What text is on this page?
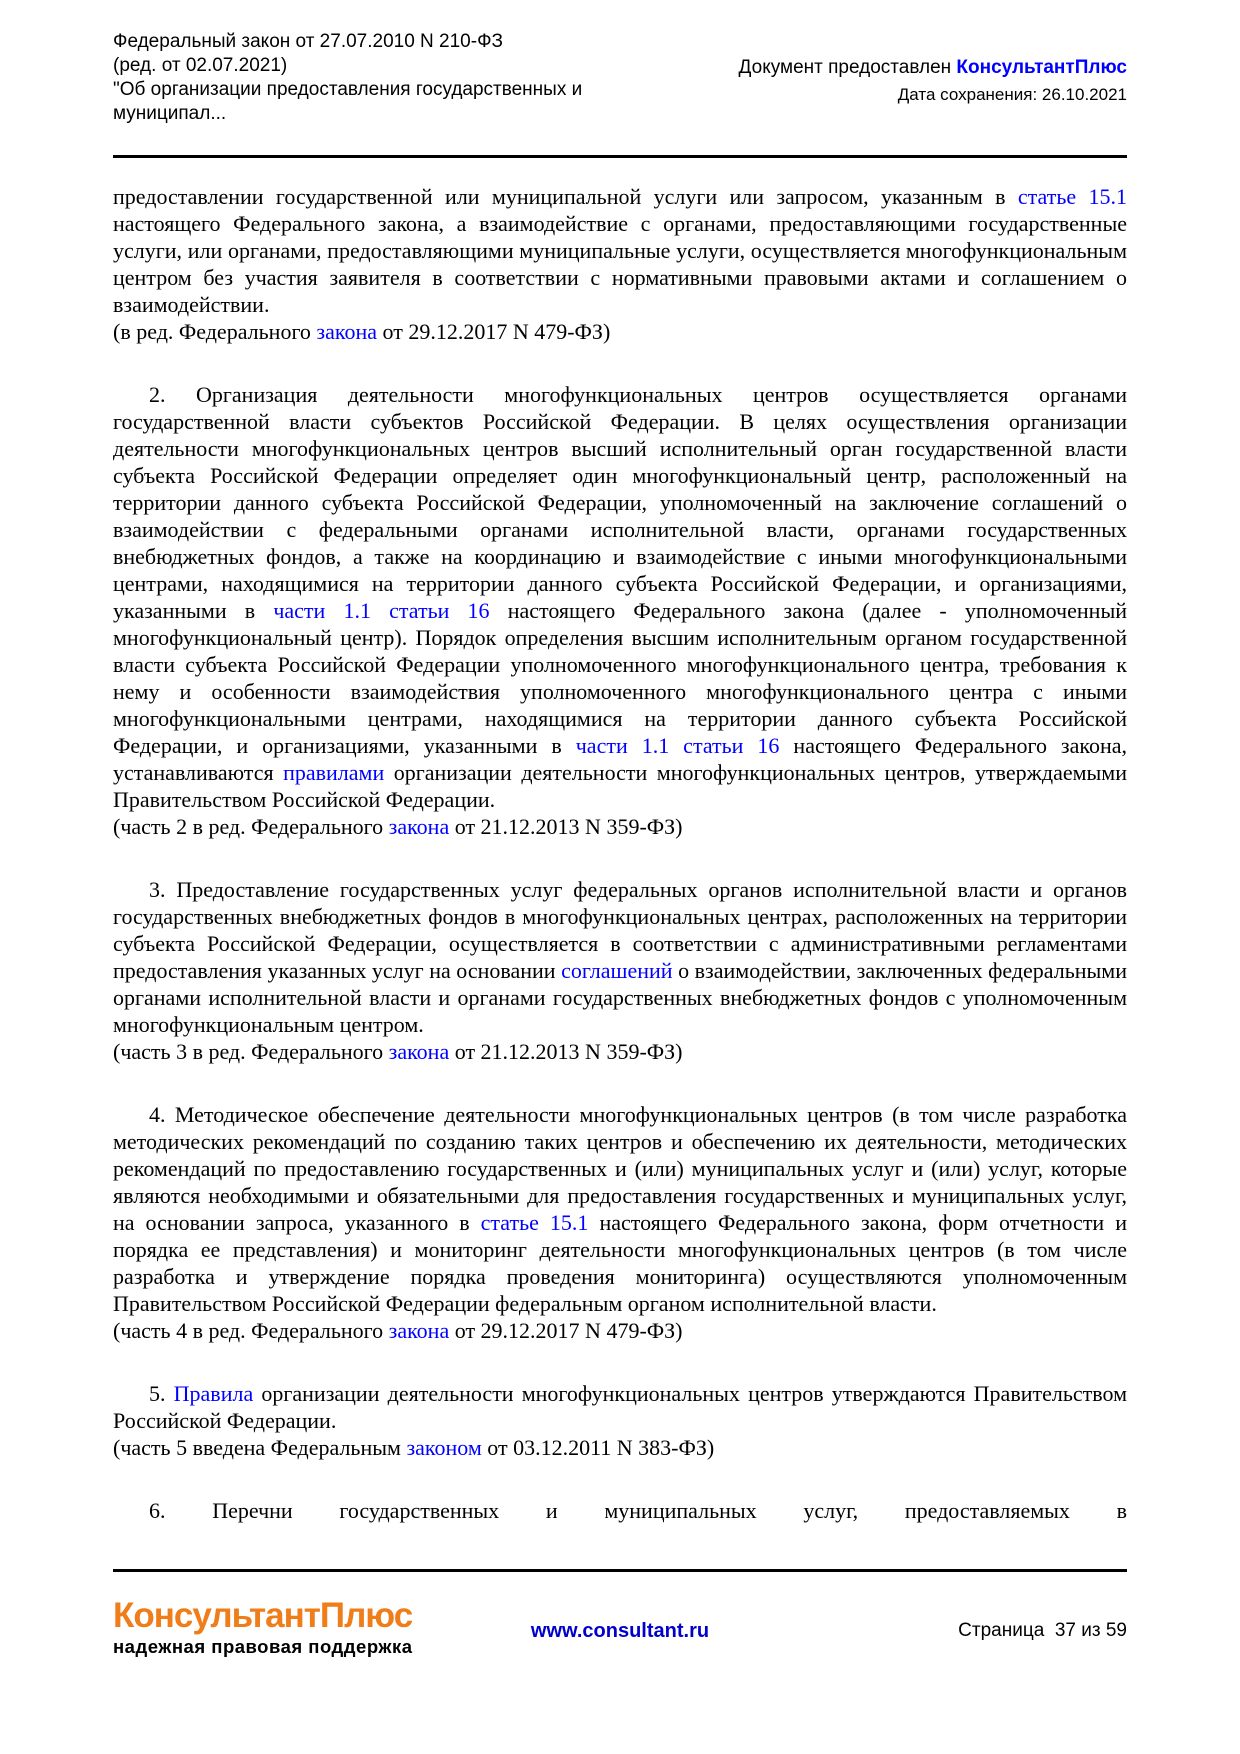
Федеральный закон от 27.07.2010 N 210-ФЗ
(ред. от 02.07.2021)
"Об организации предоставления государственных и
муниципал...
Документ предоставлен КонсультантПлюс
Дата сохранения: 26.10.2021

предоставлении государственной или муниципальной услуги или запросом, указанным в статье 15.1 настоящего Федерального закона, а взаимодействие с органами, предоставляющими государственные услуги, или органами, предоставляющими муниципальные услуги, осуществляется многофункциональным центром без участия заявителя в соответствии с нормативными правовыми актами и соглашением о взаимодействии.

(в ред. Федерального закона от 29.12.2017 N 479-ФЗ)

2. Организация деятельности многофункциональных центров осуществляется органами государственной власти субъектов Российской Федерации. В целях осуществления организации деятельности многофункциональных центров высший исполнительный орган государственной власти субъекта Российской Федерации определяет один многофункциональный центр, расположенный на территории данного субъекта Российской Федерации, уполномоченный на заключение соглашений о взаимодействии с федеральными органами исполнительной власти, органами государственных внебюджетных фондов, а также на координацию и взаимодействие с иными многофункциональными центрами, находящимися на территории данного субъекта Российской Федерации, и организациями, указанными в части 1.1 статьи 16 настоящего Федерального закона (далее - уполномоченный многофункциональный центр). Порядок определения высшим исполнительным органом государственной власти субъекта Российской Федерации уполномоченного многофункционального центра, требования к нему и особенности взаимодействия уполномоченного многофункционального центра с иными многофункциональными центрами, находящимися на территории данного субъекта Российской Федерации, и организациями, указанными в части 1.1 статьи 16 настоящего Федерального закона, устанавливаются правилами организации деятельности многофункциональных центров, утверждаемыми Правительством Российской Федерации.

(часть 2 в ред. Федерального закона от 21.12.2013 N 359-ФЗ)

3. Предоставление государственных услуг федеральных органов исполнительной власти и органов государственных внебюджетных фондов в многофункциональных центрах, расположенных на территории субъекта Российской Федерации, осуществляется в соответствии с административными регламентами предоставления указанных услуг на основании соглашений о взаимодействии, заключенных федеральными органами исполнительной власти и органами государственных внебюджетных фондов с уполномоченным многофункциональным центром.

(часть 3 в ред. Федерального закона от 21.12.2013 N 359-ФЗ)

4. Методическое обеспечение деятельности многофункциональных центров (в том числе разработка методических рекомендаций по созданию таких центров и обеспечению их деятельности, методических рекомендаций по предоставлению государственных и (или) муниципальных услуг и (или) услуг, которые являются необходимыми и обязательными для предоставления государственных и муниципальных услуг, на основании запроса, указанного в статье 15.1 настоящего Федерального закона, форм отчетности и порядка ее представления) и мониторинг деятельности многофункциональных центров (в том числе разработка и утверждение порядка проведения мониторинга) осуществляются уполномоченным Правительством Российской Федерации федеральным органом исполнительной власти.

(часть 4 в ред. Федерального закона от 29.12.2017 N 479-ФЗ)

5. Правила организации деятельности многофункциональных центров утверждаются Правительством Российской Федерации.

(часть 5 введена Федеральным законом от 03.12.2011 N 383-ФЗ)

6. Перечни государственных и муниципальных услуг, предоставляемых в

КонсультантПлюс
надежная правовая поддержка
www.consultant.ru	Страница  37 из 59
